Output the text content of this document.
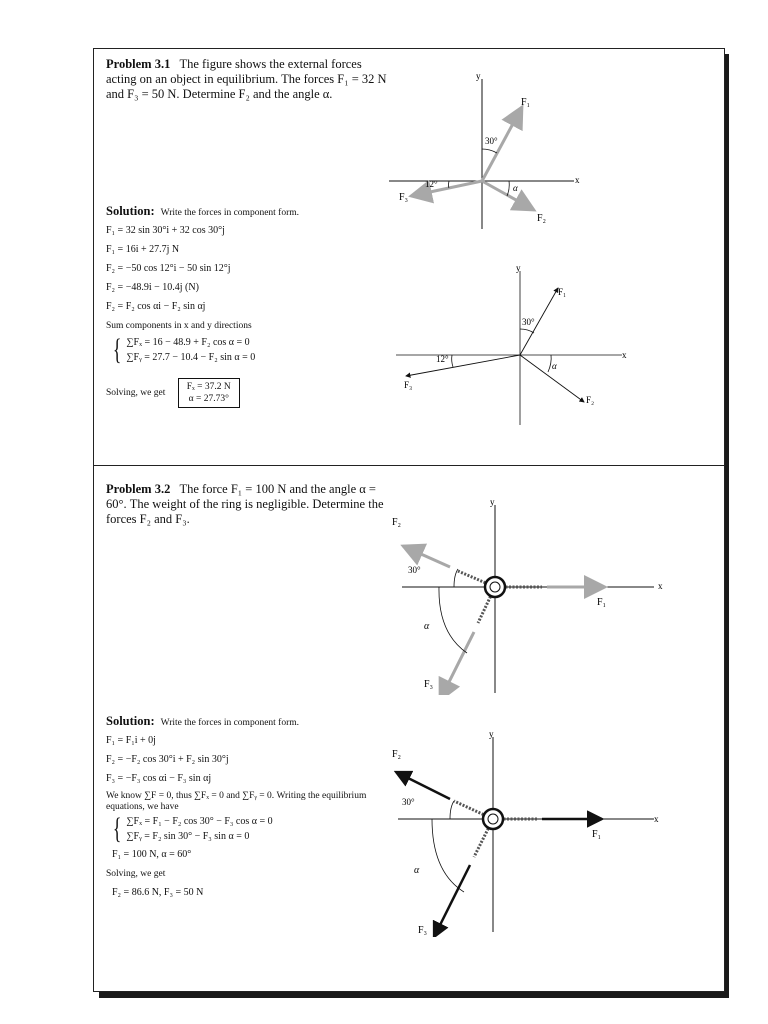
Problem 3.1 The figure shows the external forces acting on an object in equilibrium. The forces F₁ = 32 N and F₃ = 50 N. Determine F₂ and the angle α.
Solution: Write the forces in component form.
F₁ = 32 sin 30°i + 32 cos 30°j
F₁ = 16i + 27.7j N
F₂ = −50 cos 12°i − 50 sin 12°j
F₂ = −48.9i − 10.4j (N)
F₂ = F₂ cos αi − F₂ sin αj
Sum components in x and y directions
{ ∑Fₓ = 16 − 48.9 + F₂ cos α = 0
∑Fᵧ = 27.7 − 10.4 − F₂ sin α = 0
Solving, we get
Fₓ = 37.2 N
α = 27.73°
y
x
F₁
F₂
F₃
30°
12°	α
y
x
F₁
F₂
F₃
30°
12°
α
Problem 3.2 The force F₁ = 100 N and the angle α = 60°. The weight of the ring is negligible. Determine the forces F₂ and F₃.
Solution: Write the forces in component form.
F₁ = F₁i + 0j
F₂ = −F₂ cos 30°i + F₂ sin 30°j
F₃ = −F₃ cos αi − F₃ sin αj
We know ∑F = 0, thus ∑Fₓ = 0 and ∑Fᵧ = 0. Writing the equilibrium equations, we have
{ ∑Fₓ = F₁ − F₂ cos 30° − F₃ cos α = 0
∑Fᵧ = F₂ sin 30° − F₃ sin α = 0
F₁ = 100 N, α = 60°
Solving, we get
F₂ = 86.6 N, F₃ = 50 N
y
x
F₂
F₁
F₃
30°
α
y
x
F₂
F₁
F₃
30°
α
